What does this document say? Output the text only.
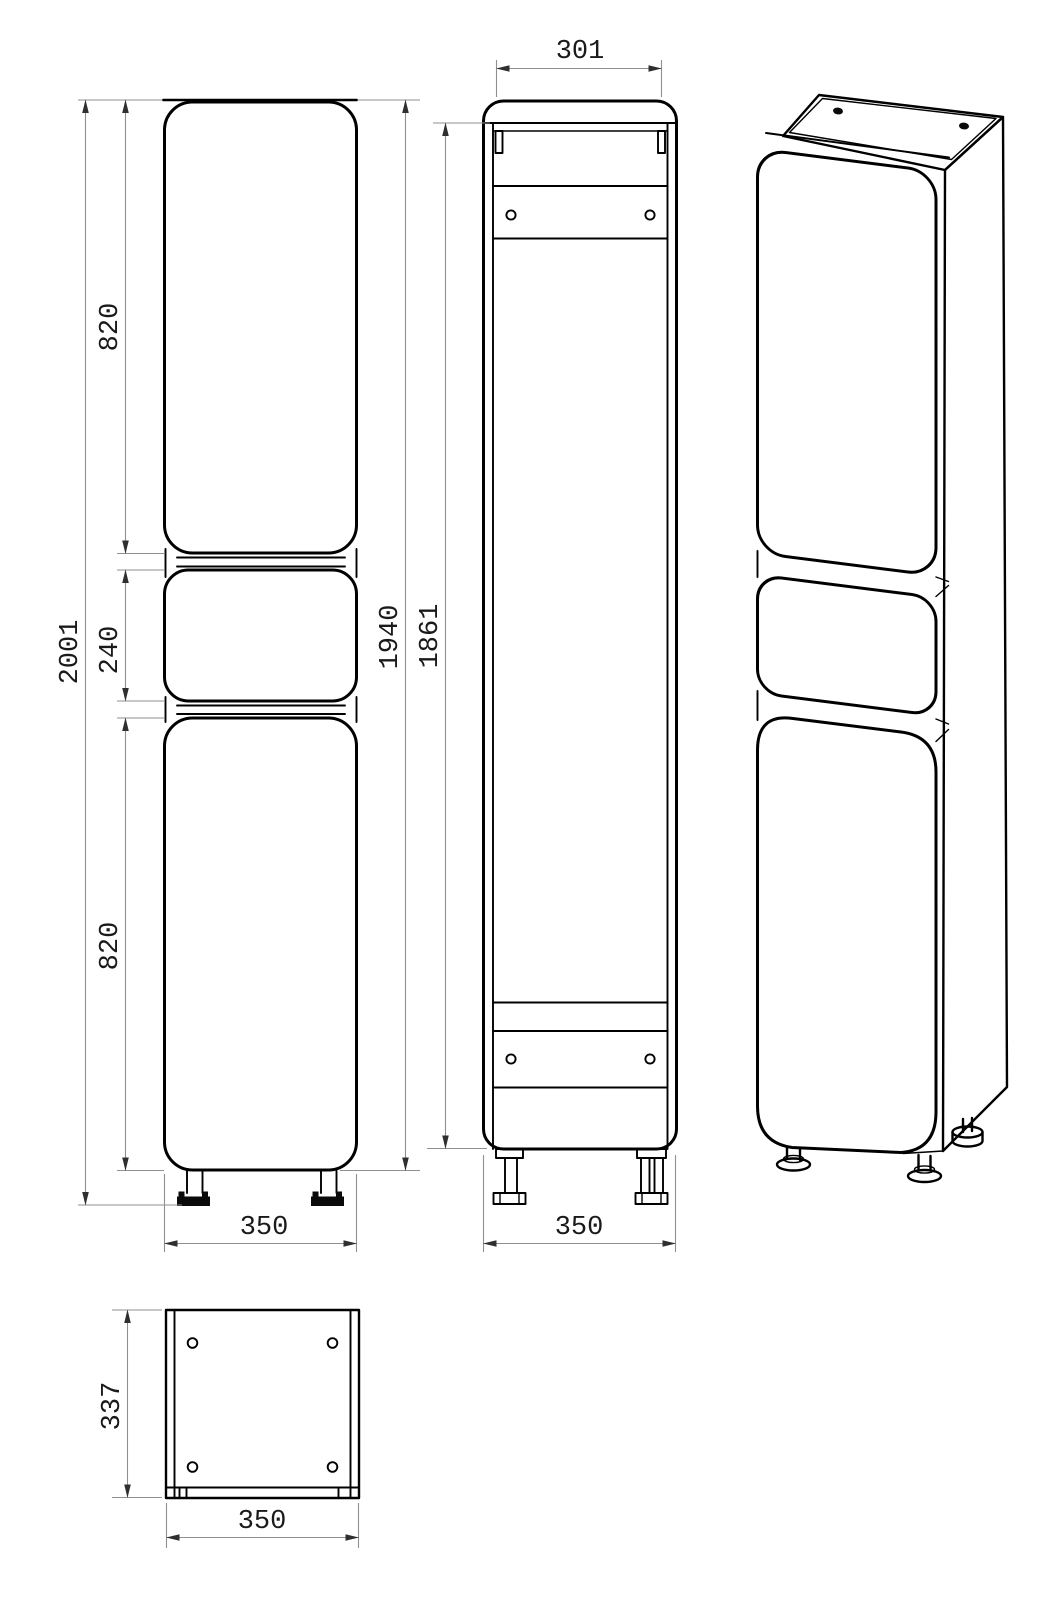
2001
820
240
820
1940
350
301
1861
350
337
350
